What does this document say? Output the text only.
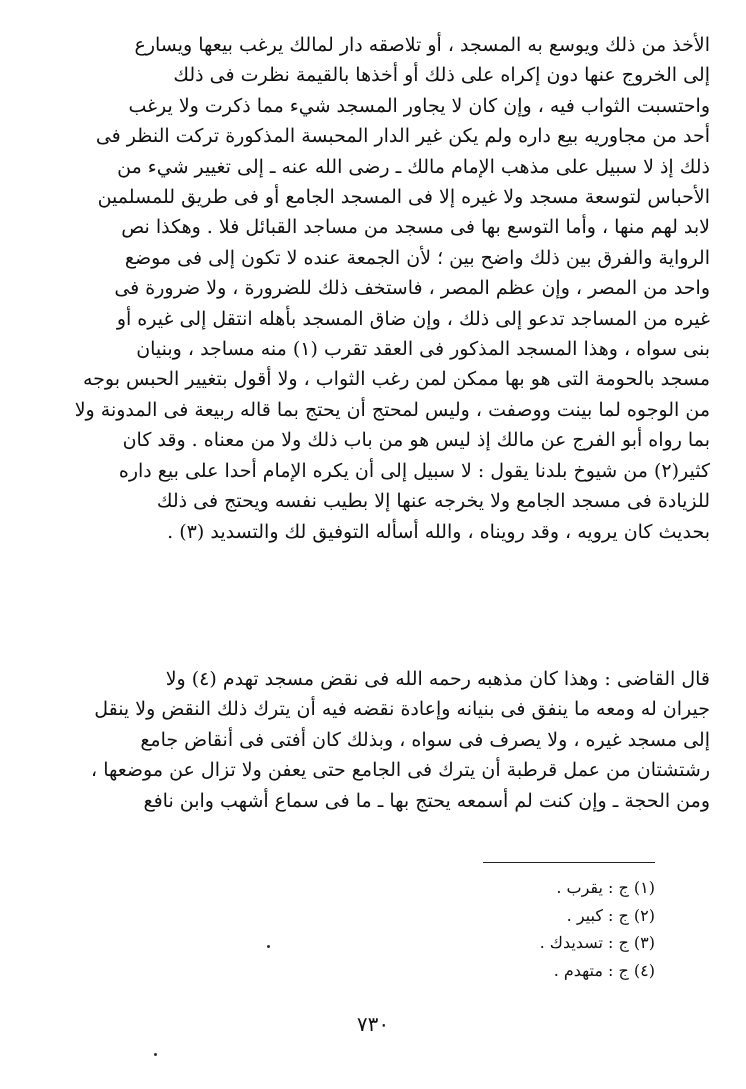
الأخذ من ذلك ويوسع به المسجد ، أو تلاصقه دار لمالك يرغب بيعها ويسارع
إلى الخروج عنها دون إكراه على ذلك أو أخذها بالقيمة نظرت فى ذلك
واحتسبت الثواب فيه ، وإن كان لا يجاور المسجد شيء مما ذكرت ولا يرغب
أحد من مجاوريه بيع داره ولم يكن غير الدار المحبسة المذكورة تركت النظر فى
ذلك إذ لا سبيل على مذهب الإمام مالك ـ رضى الله عنه ـ إلى تغيير شيء من
الأحباس لتوسعة مسجد ولا غيره إلا فى المسجد الجامع أو فى طريق للمسلمين
لابد لهم منها ، وأما التوسع بها فى مسجد من مساجد القبائل فلا . وهكذا نص
الرواية والفرق بين ذلك واضح بين ؛ لأن الجمعة عنده لا تكون إلى فى موضع
واحد من المصر ، وإن عظم المصر ، فاستخف ذلك للضرورة ، ولا ضرورة فى
غيره من المساجد تدعو إلى ذلك ، وإن ضاق المسجد بأهله انتقل إلى غيره أو
بنى سواه ، وهذا المسجد المذكور فى العقد تقرب (١) منه مساجد ، وبنيان
مسجد بالحومة التى هو بها ممكن لمن رغب الثواب ، ولا أقول بتغيير الحبس بوجه
من الوجوه لما بينت ووصفت ، وليس لمحتج أن يحتج بما قاله ربيعة فى المدونة ولا
بما رواه أبو الفرج عن مالك إذ ليس هو من باب ذلك ولا من معناه . وقد كان
كثير(٢) من شيوخ بلدنا يقول : لا سبيل إلى أن يكره الإمام أحدا على بيع داره
للزيادة فى مسجد الجامع ولا يخرجه عنها إلا بطيب نفسه ويحتج فى ذلك
بحديث كان يرويه ، وقد رويناه ، والله أسأله التوفيق لك والتسديد (٣) .
قال القاضى : وهذا كان مذهبه رحمه الله فى نقض مسجد تهدم (٤) ولا
جيران له ومعه ما ينفق فى بنيانه وإعادة نقضه فيه أن يترك ذلك النقض ولا ينقل
إلى مسجد غيره ، ولا يصرف فى سواه ، وبذلك كان أفتى فى أنقاض جامع
رشتشتان من عمل قرطبة أن يترك فى الجامع حتى يعفن ولا تزال عن موضعها ،
ومن الحجة ـ وإن كنت لم أسمعه يحتج بها ـ ما فى سماع أشهب وابن نافع
(١) ج : يقرب .
(٢) ج : كبير .
(٣) ج : تسديدك .
(٤) ج : متهدم .
٧٣٠
